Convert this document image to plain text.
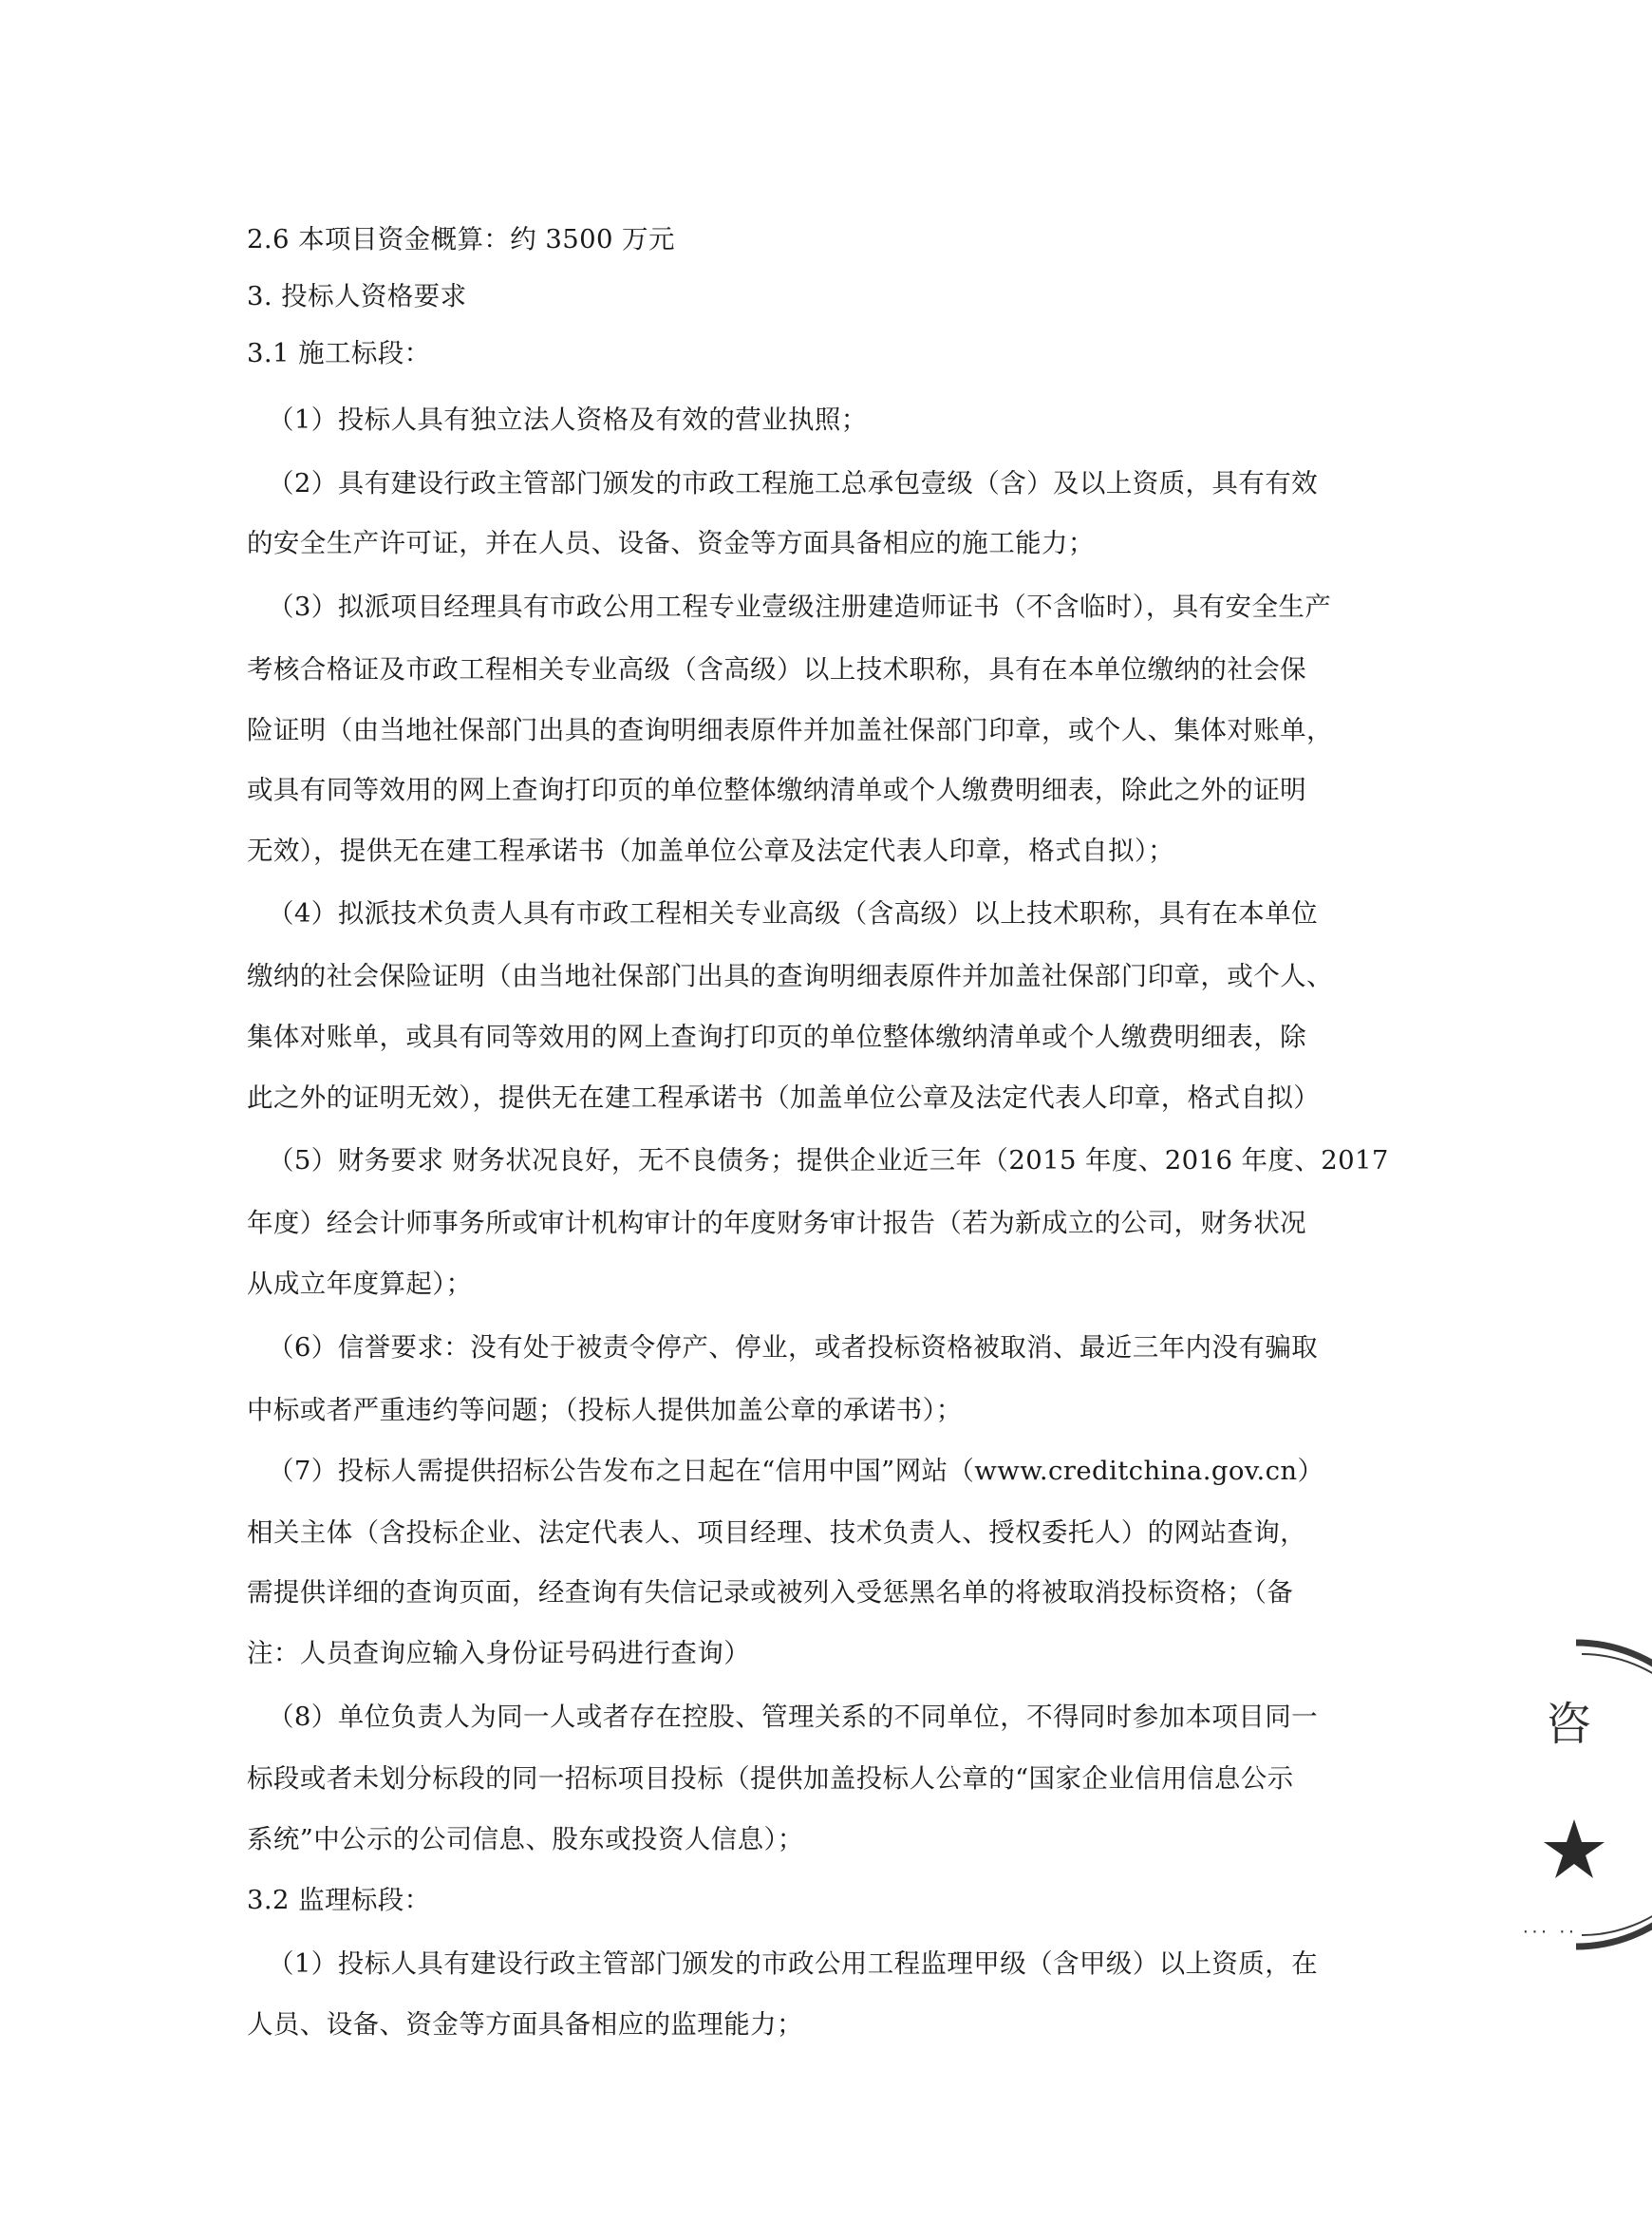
2.6 本项目资金概算：约 3500 万元
3. 投标人资格要求
3.1 施工标段：
（1）投标人具有独立法人资格及有效的营业执照；
（2）具有建设行政主管部门颁发的市政工程施工总承包壹级（含）及以上资质，具有有效
的安全生产许可证，并在人员、设备、资金等方面具备相应的施工能力；
（3）拟派项目经理具有市政公用工程专业壹级注册建造师证书（不含临时），具有安全生产
考核合格证及市政工程相关专业高级（含高级）以上技术职称，具有在本单位缴纳的社会保
险证明（由当地社保部门出具的查询明细表原件并加盖社保部门印章，或个人、集体对账单，
或具有同等效用的网上查询打印页的单位整体缴纳清单或个人缴费明细表，除此之外的证明
无效），提供无在建工程承诺书（加盖单位公章及法定代表人印章，格式自拟）；
（4）拟派技术负责人具有市政工程相关专业高级（含高级）以上技术职称，具有在本单位
缴纳的社会保险证明（由当地社保部门出具的查询明细表原件并加盖社保部门印章，或个人、
集体对账单，或具有同等效用的网上查询打印页的单位整体缴纳清单或个人缴费明细表，除
此之外的证明无效），提供无在建工程承诺书（加盖单位公章及法定代表人印章，格式自拟）
（5）财务要求 财务状况良好，无不良债务；提供企业近三年（2015 年度、2016 年度、2017
年度）经会计师事务所或审计机构审计的年度财务审计报告（若为新成立的公司，财务状况
从成立年度算起）；
（6）信誉要求：没有处于被责令停产、停业，或者投标资格被取消、最近三年内没有骗取
中标或者严重违约等问题；（投标人提供加盖公章的承诺书）；
（7）投标人需提供招标公告发布之日起在“信用中国”网站（www.creditchina.gov.cn）
相关主体（含投标企业、法定代表人、项目经理、技术负责人、授权委托人）的网站查询，
需提供详细的查询页面，经查询有失信记录或被列入受惩黑名单的将被取消投标资格；（备
注：人员查询应输入身份证号码进行查询）
（8）单位负责人为同一人或者存在控股、管理关系的不同单位，不得同时参加本项目同一
标段或者未划分标段的同一招标项目投标（提供加盖投标人公章的“国家企业信用信息公示
系统”中公示的公司信息、股东或投资人信息）；
3.2 监理标段：
（1）投标人具有建设行政主管部门颁发的市政公用工程监理甲级（含甲级）以上资质，在
人员、设备、资金等方面具备相应的监理能力；
咨
··· ··
